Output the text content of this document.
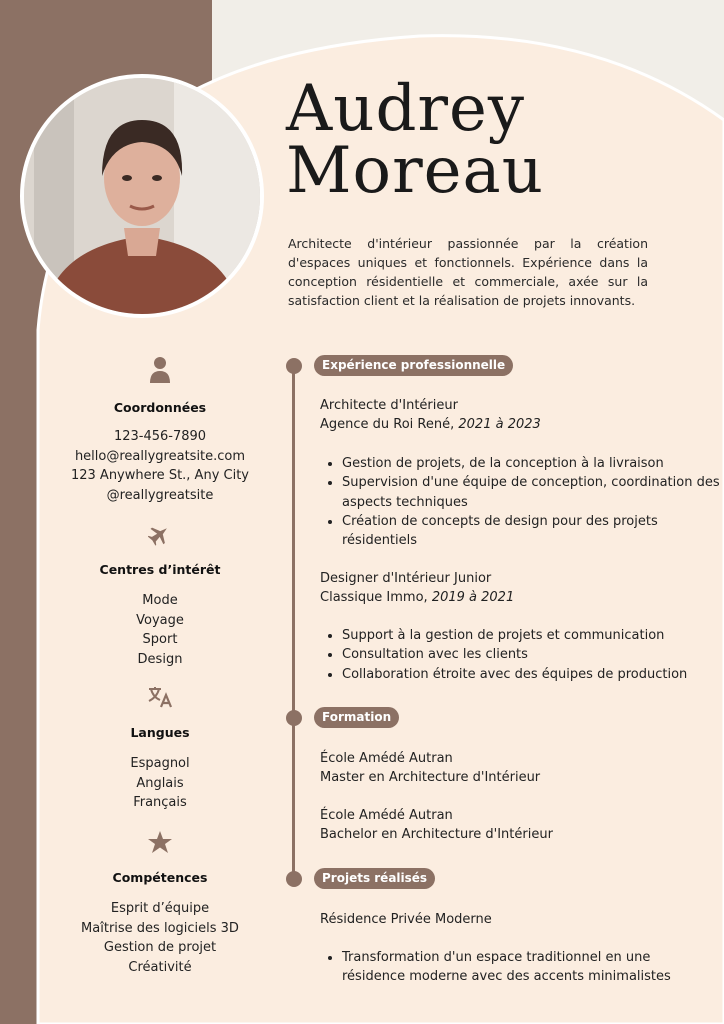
Audrey
Moreau
Architecte d'intérieur passionnée par la création d'espaces uniques et fonctionnels. Expérience dans la conception résidentielle et commerciale, axée sur la satisfaction client et la réalisation de projets innovants.
Coordonnées
123-456-7890
hello@reallygreatsite.com
123 Anywhere St., Any City
@reallygreatsite
Centres d’intérêt
Mode
Voyage
Sport
Design
Langues
Espagnol
Anglais
Français
Compétences
Esprit d’équipe
Maîtrise des logiciels 3D
Gestion de projet
Créativité
Expérience professionnelle
Architecte d'Intérieur
Agence du Roi René, 2021 à 2023
• Gestion de projets, de la conception à la livraison
• Supervision d'une équipe de conception, coordination des aspects techniques
• Création de concepts de design pour des projets résidentiels
Designer d'Intérieur Junior
Classique Immo, 2019 à 2021
• Support à la gestion de projets et communication
• Consultation avec les clients
• Collaboration étroite avec des équipes de production
Formation
École Amédé Autran
Master en Architecture d'Intérieur
École Amédé Autran
Bachelor en Architecture d'Intérieur
Projets réalisés
Résidence Privée Moderne
• Transformation d'un espace traditionnel en une résidence moderne avec des accents minimalistes
